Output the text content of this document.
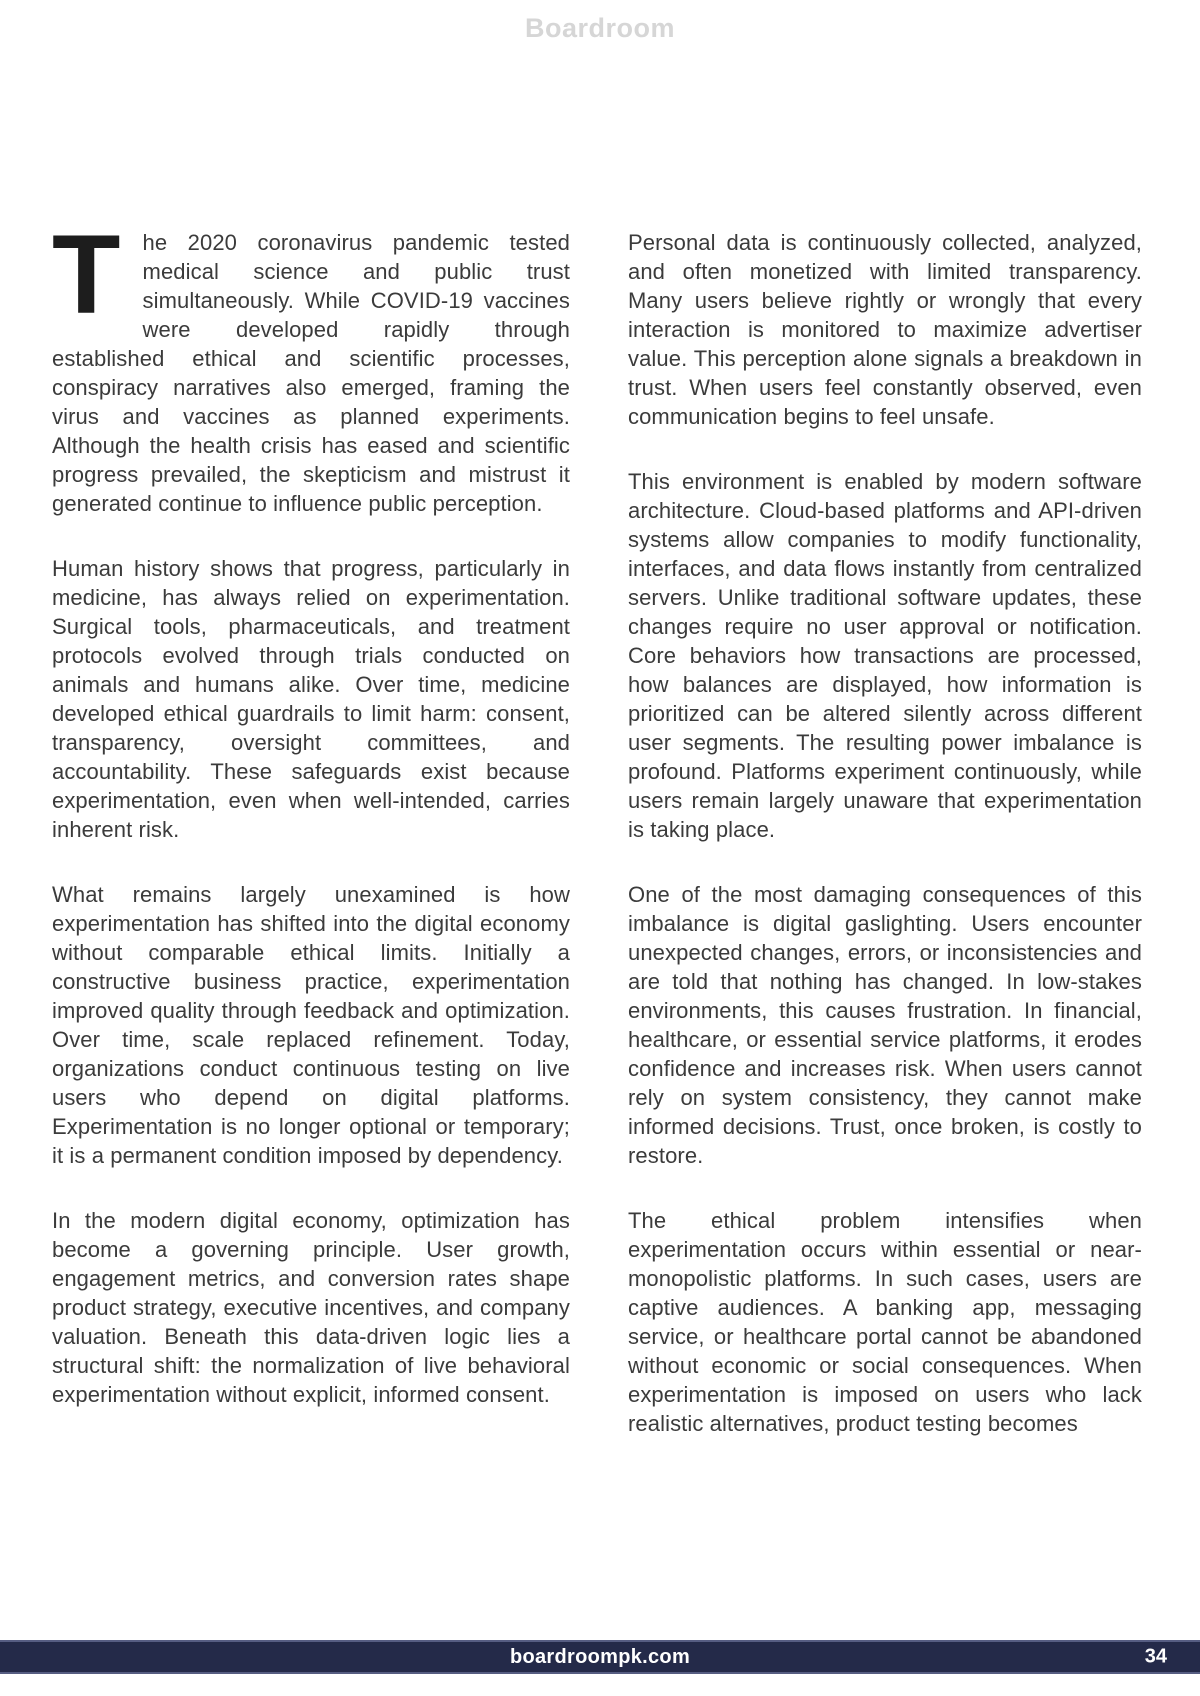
Boardroom

T he 2020 coronavirus pandemic tested medical science and public trust simultaneously. While COVID-19 vaccines were developed rapidly through established ethical and scientific processes, conspiracy narratives also emerged, framing the virus and vaccines as planned experiments. Although the health crisis has eased and scientific progress prevailed, the skepticism and mistrust it generated continue to influence public perception.

Human history shows that progress, particularly in medicine, has always relied on experimentation. Surgical tools, pharmaceuticals, and treatment protocols evolved through trials conducted on animals and humans alike. Over time, medicine developed ethical guardrails to limit harm: consent, transparency, oversight committees, and accountability. These safeguards exist because experimentation, even when well-intended, carries inherent risk.

What remains largely unexamined is how experimentation has shifted into the digital economy without comparable ethical limits. Initially a constructive business practice, experimentation improved quality through feedback and optimization. Over time, scale replaced refinement. Today, organizations conduct continuous testing on live users who depend on digital platforms. Experimentation is no longer optional or temporary; it is a permanent condition imposed by dependency.

In the modern digital economy, optimization has become a governing principle. User growth, engagement metrics, and conversion rates shape product strategy, executive incentives, and company valuation. Beneath this data-driven logic lies a structural shift: the normalization of live behavioral experimentation without explicit, informed consent.

Personal data is continuously collected, analyzed, and often monetized with limited transparency. Many users believe rightly or wrongly that every interaction is monitored to maximize advertiser value. This perception alone signals a breakdown in trust. When users feel constantly observed, even communication begins to feel unsafe.

This environment is enabled by modern software architecture. Cloud-based platforms and API-driven systems allow companies to modify functionality, interfaces, and data flows instantly from centralized servers. Unlike traditional software updates, these changes require no user approval or notification. Core behaviors how transactions are processed, how balances are displayed, how information is prioritized can be altered silently across different user segments. The resulting power imbalance is profound. Platforms experiment continuously, while users remain largely unaware that experimentation is taking place.

One of the most damaging consequences of this imbalance is digital gaslighting. Users encounter unexpected changes, errors, or inconsistencies and are told that nothing has changed. In low-stakes environments, this causes frustration. In financial, healthcare, or essential service platforms, it erodes confidence and increases risk. When users cannot rely on system consistency, they cannot make informed decisions. Trust, once broken, is costly to restore.

The ethical problem intensifies when experimentation occurs within essential or near-monopolistic platforms. In such cases, users are captive audiences. A banking app, messaging service, or healthcare portal cannot be abandoned without economic or social consequences. When experimentation is imposed on users who lack realistic alternatives, product testing becomes

boardroompk.com	34
